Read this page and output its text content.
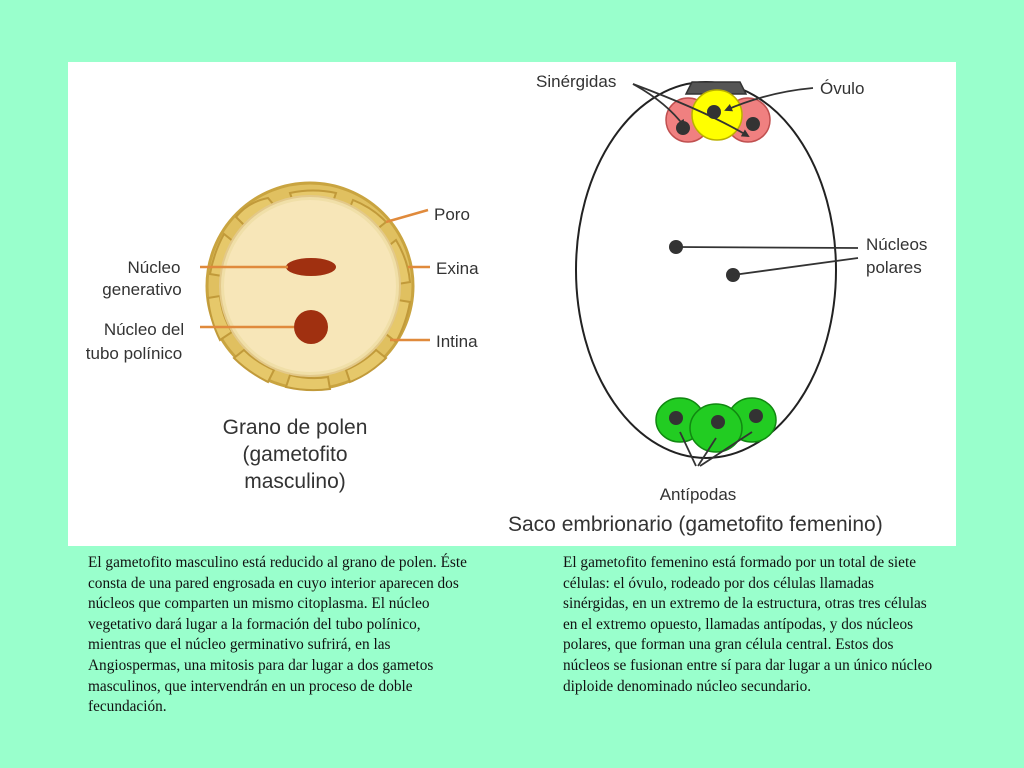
Poro
Exina
Intina
Núcleo
generativo
Núcleo del
tubo polínico
Grano de polen
(gametofito
masculino)
Sinérgidas	Óvulo
Núcleos
polares
Antípodas
Saco embrionario (gametofito femenino)

El gametofito masculino está reducido al grano de polen. Éste consta de una pared engrosada en cuyo interior aparecen dos núcleos que comparten un mismo citoplasma. El núcleo vegetativo dará lugar a la formación del tubo polínico, mientras que el núcleo germinativo sufrirá, en las Angiospermas, una mitosis para dar lugar a dos gametos masculinos, que intervendrán en un proceso de doble fecundación.

El gametofito femenino está formado por un total de siete células: el óvulo, rodeado por dos células llamadas sinérgidas, en un extremo de la estructura, otras tres células en el extremo opuesto, llamadas antípodas, y dos núcleos polares, que forman una gran célula central. Estos dos núcleos se fusionan entre sí para dar lugar a un único núcleo diploide denominado núcleo secundario.
